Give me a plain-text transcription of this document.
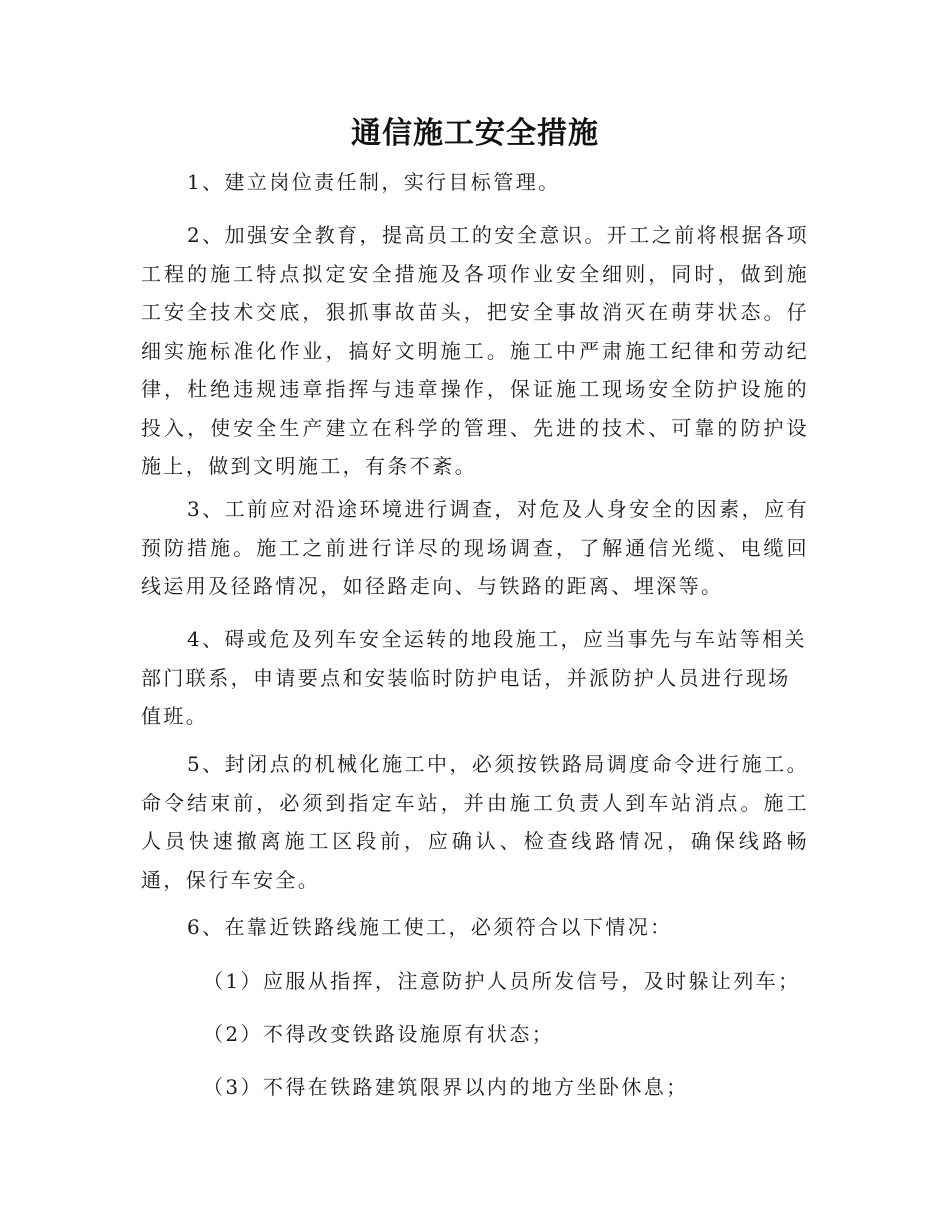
通信施工安全措施

1、建立岗位责任制，实行目标管理。

2、加强安全教育，提高员工的安全意识。开工之前将根据各项工程的施工特点拟定安全措施及各项作业安全细则，同时，做到施工安全技术交底，狠抓事故苗头，把安全事故消灭在萌芽状态。仔细实施标准化作业，搞好文明施工。施工中严肃施工纪律和劳动纪律，杜绝违规违章指挥与违章操作，保证施工现场安全防护设施的投入，使安全生产建立在科学的管理、先进的技术、可靠的防护设施上，做到文明施工，有条不紊。

3、工前应对沿途环境进行调查，对危及人身安全的因素，应有预防措施。施工之前进行详尽的现场调查，了解通信光缆、电缆回线运用及径路情况，如径路走向、与铁路的距离、埋深等。

4、碍或危及列车安全运转的地段施工，应当事先与车站等相关部门联系，申请要点和安装临时防护电话，并派防护人员进行现场值班。

5、封闭点的机械化施工中，必须按铁路局调度命令进行施工。命令结束前，必须到指定车站，并由施工负责人到车站消点。施工人员快速撤离施工区段前，应确认、检查线路情况，确保线路畅通，保行车安全。

6、在靠近铁路线施工使工，必须符合以下情况：

（1）应服从指挥，注意防护人员所发信号，及时躲让列车；

（2）不得改变铁路设施原有状态；

（3）不得在铁路建筑限界以内的地方坐卧休息；
